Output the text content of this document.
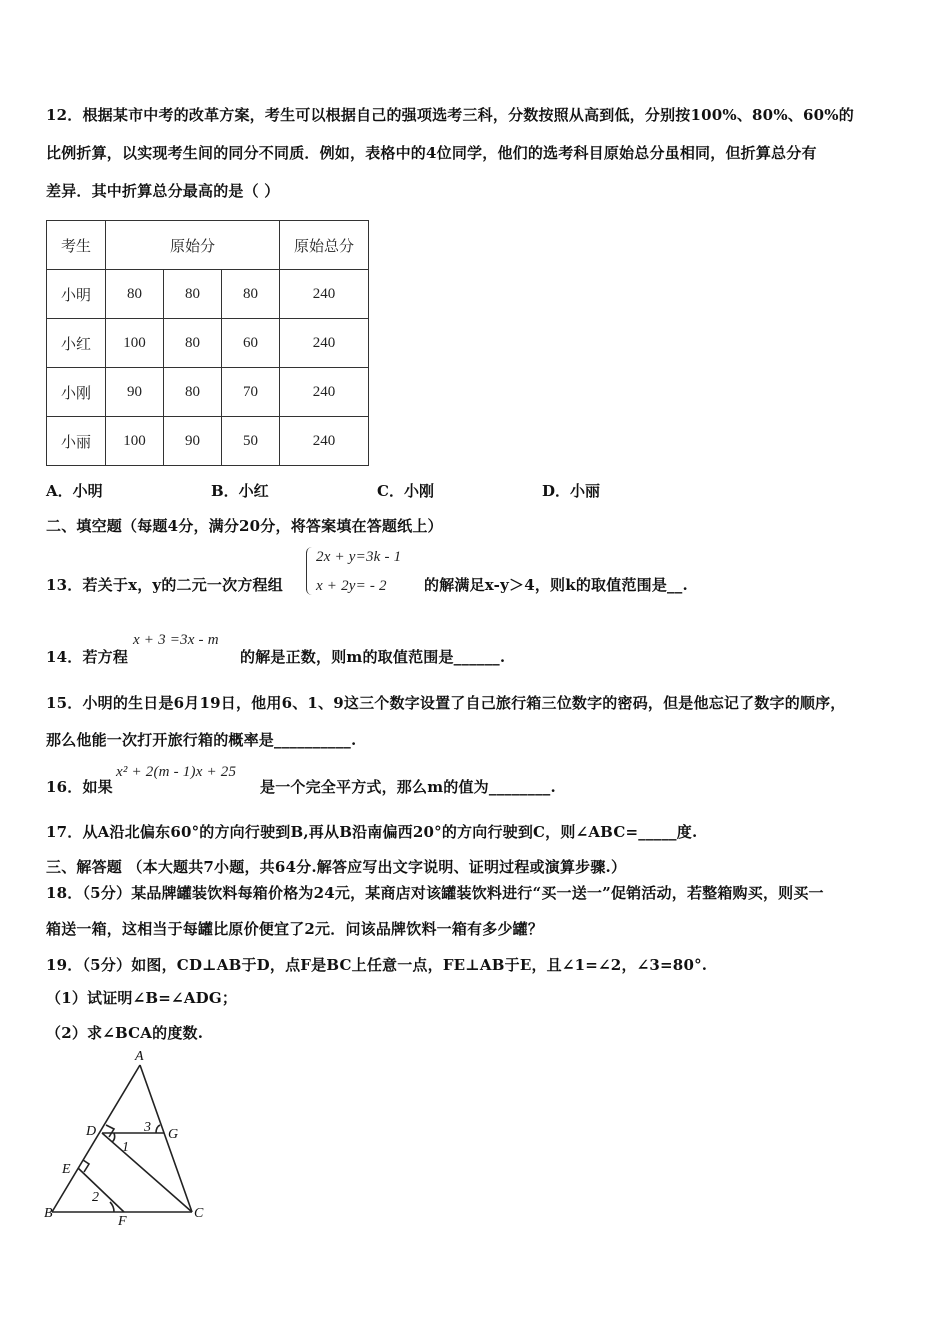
12．根据某市中考的改革方案，考生可以根据自己的强项选考三科，分数按照从高到低，分别按100%、80%、60%的
比例折算，以实现考生间的同分不同质．例如，表格中的4位同学，他们的选考科目原始总分虽相同，但折算总分有
差异．其中折算总分最高的是（ ）
考生	原始分			原始总分
小明	80	80	80	240
小红	100	80	60	240
小刚	90	80	70	240
小丽	100	90	50	240
A．小明	B．小红	C．小刚	D．小丽
二、填空题（每题4分，满分20分，将答案填在答题纸上）
13．若关于x，y的二元一次方程组
2x + y=3k - 1
x + 2y= - 2 的解满足x-y＞4，则k的取值范围是__.
14．若方程
x + 3 =3x - m
的解是正数，则m的取值范围是______.
15．小明的生日是6月19日，他用6、1、9这三个数字设置了自己旅行箱三位数字的密码，但是他忘记了数字的顺序，
那么他能一次打开旅行箱的概率是__________.
16．如果
x² + 2(m - 1)x + 25
是一个完全平方式，那么m的值为________.
17．从A沿北偏东60°的方向行驶到B,再从B沿南偏西20°的方向行驶到C，则∠ABC=_____度.
三、解答题 （本大题共7小题，共64分.解答应写出文字说明、证明过程或演算步骤.）
18．（5分）某品牌罐装饮料每箱价格为24元，某商店对该罐装饮料进行“买一送一”促销活动，若整箱购买，则买一
箱送一箱，这相当于每罐比原价便宜了2元．问该品牌饮料一箱有多少罐？
19．（5分）如图，CD⊥AB于D，点F是BC上任意一点，FE⊥AB于E，且∠1=∠2，∠3=80°.
（1）试证明∠B=∠ADG；
（2）求∠BCA的度数.
A
D	3 G
1
E
2
B
F
C
